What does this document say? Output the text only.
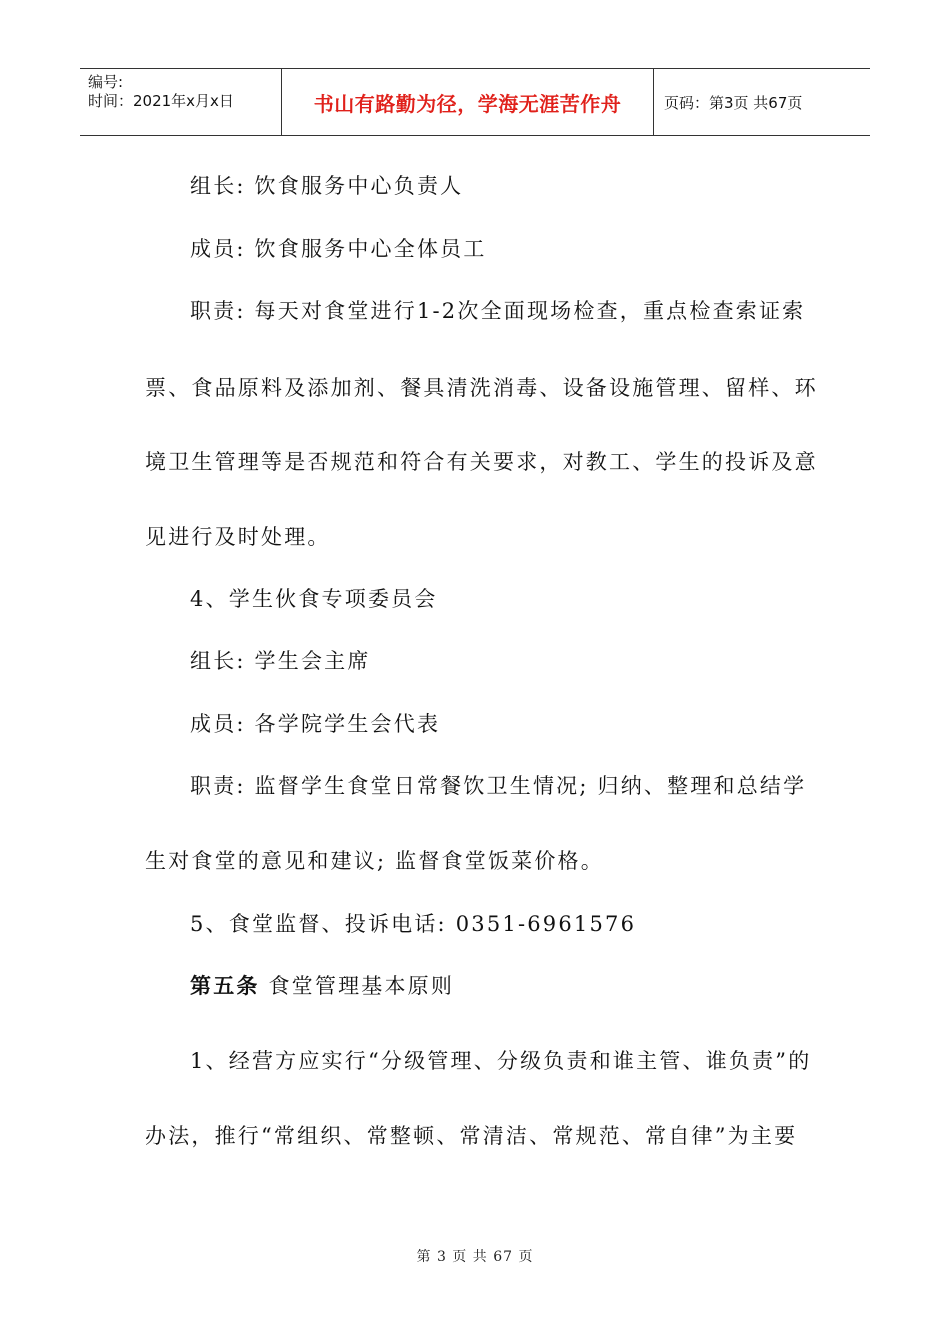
编号:
时间：2021年x月x日	书山有路勤为径，学海无涯苦作舟	页码：第3页 共67页
组长: 饮食服务中心负责人
成员: 饮食服务中心全体员工
职责: 每天对食堂进行1-2次全面现场检查，重点检查索证索
票、食品原料及添加剂、餐具清洗消毒、设备设施管理、留样、环
境卫生管理等是否规范和符合有关要求，对教工、学生的投诉及意
见进行及时处理。
4、学生伙食专项委员会
组长: 学生会主席
成员: 各学院学生会代表
职责: 监督学生食堂日常餐饮卫生情况; 归纳、整理和总结学
生对食堂的意见和建议; 监督食堂饭菜价格。
5、食堂监督、投诉电话: 0351-6961576
第五条 食堂管理基本原则
1、经营方应实行“分级管理、分级负责和谁主管、谁负责”的
办法，推行“常组织、常整顿、常清洁、常规范、常自律”为主要
第 3 页 共 67 页
